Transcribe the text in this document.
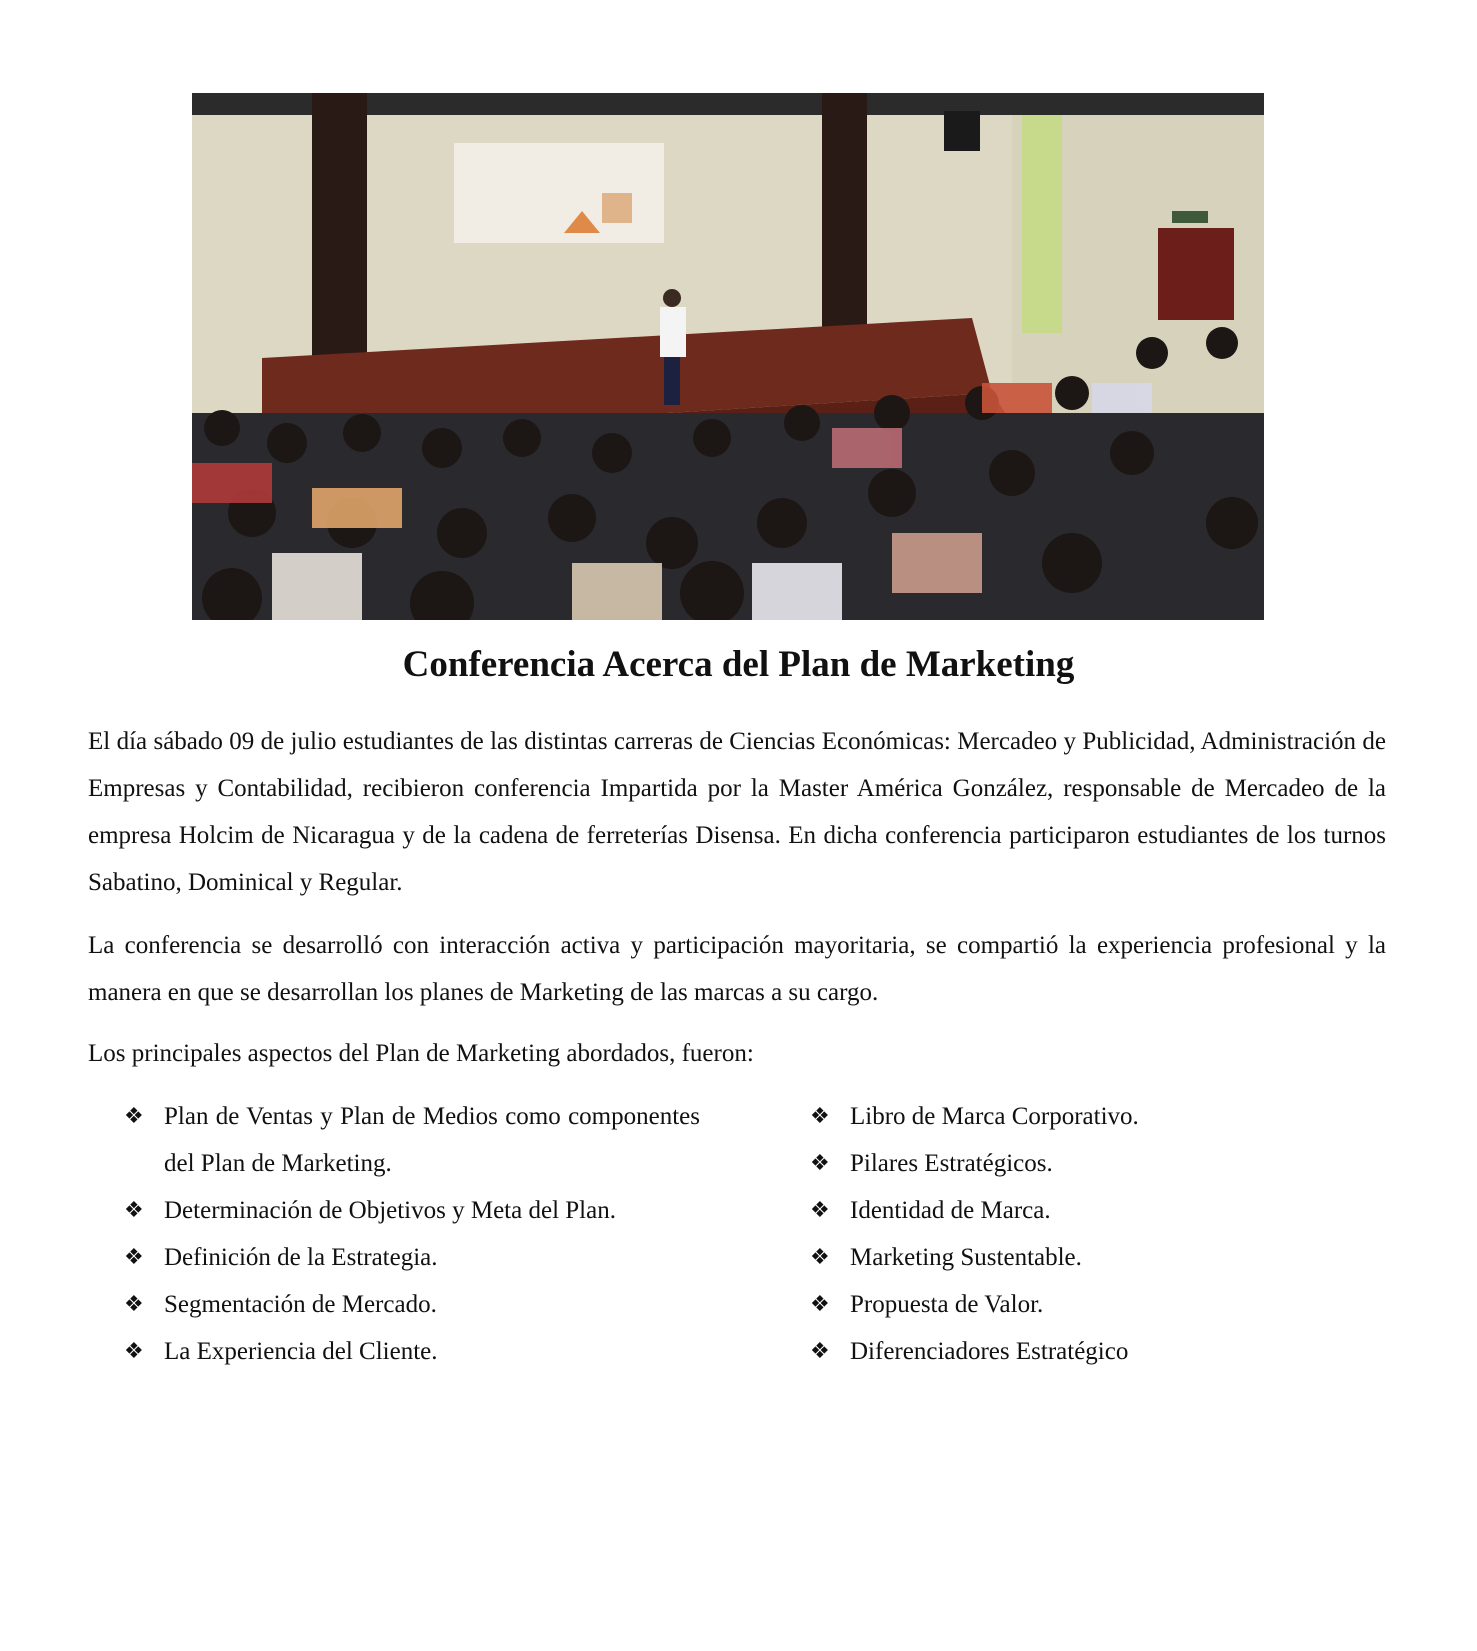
Conferencia Acerca del Plan de Marketing

El día sábado 09 de julio estudiantes de las distintas carreras de Ciencias Económicas: Mercadeo y Publicidad, Administración de Empresas y Contabilidad, recibieron conferencia Impartida por la Master América González, responsable de Mercadeo de la empresa Holcim de Nicaragua y de la cadena de ferreterías Disensa. En dicha conferencia participaron estudiantes de los turnos Sabatino, Dominical y Regular.

La conferencia se desarrolló con interacción activa y participación mayoritaria, se compartió la experiencia profesional y la manera en que se desarrollan los planes de Marketing de las marcas a su cargo.

Los principales aspectos del Plan de Marketing abordados, fueron:

❖ Plan de Ventas y Plan de Medios como componentes del Plan de Marketing.
❖ Determinación de Objetivos y Meta del Plan.
❖ Definición de la Estrategia.
❖ Segmentación de Mercado.
❖ La Experiencia del Cliente.
❖ Libro de Marca Corporativo.
❖ Pilares Estratégicos.
❖ Identidad de Marca.
❖ Marketing Sustentable.
❖ Propuesta de Valor.
❖ Diferenciadores Estratégico
